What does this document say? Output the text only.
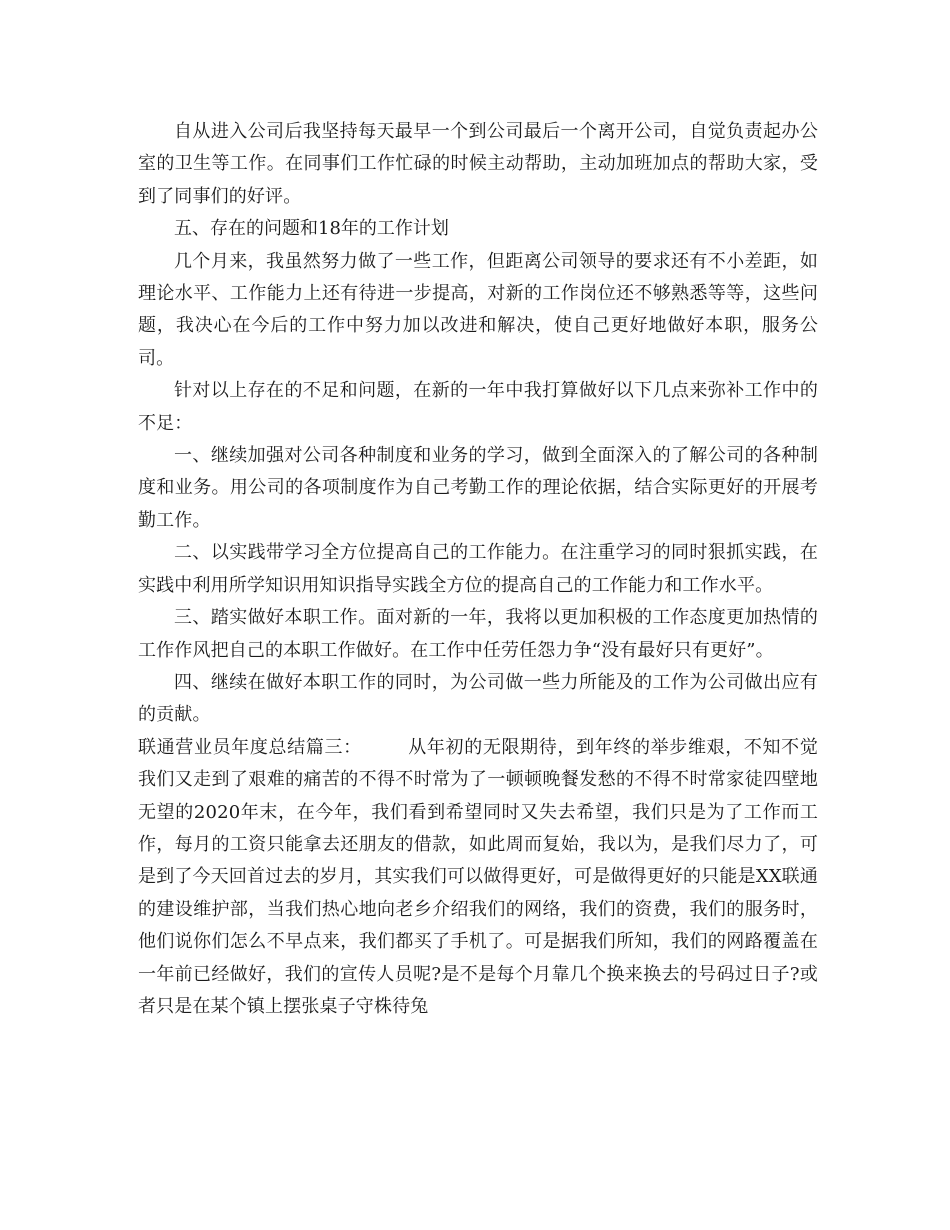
自从进入公司后我坚持每天最早一个到公司最后一个离开公司，自觉负责起办公室的卫生等工作。在同事们工作忙碌的时候主动帮助，主动加班加点的帮助大家，受到了同事们的好评。

五、存在的问题和18年的工作计划

几个月来，我虽然努力做了一些工作，但距离公司领导的要求还有不小差距，如理论水平、工作能力上还有待进一步提高，对新的工作岗位还不够熟悉等等，这些问题，我决心在今后的工作中努力加以改进和解决，使自己更好地做好本职，服务公司。

针对以上存在的不足和问题，在新的一年中我打算做好以下几点来弥补工作中的不足：

一、继续加强对公司各种制度和业务的学习，做到全面深入的了解公司的各种制度和业务。用公司的各项制度作为自己考勤工作的理论依据，结合实际更好的开展考勤工作。

二、以实践带学习全方位提高自己的工作能力。在注重学习的同时狠抓实践，在实践中利用所学知识用知识指导实践全方位的提高自己的工作能力和工作水平。

三、踏实做好本职工作。面对新的一年，我将以更加积极的工作态度更加热情的工作作风把自己的本职工作做好。在工作中任劳任怨力争“没有最好只有更好”。

四、继续在做好本职工作的同时，为公司做一些力所能及的工作为公司做出应有的贡献。

联通营业员年度总结篇三：	从年初的无限期待，到年终的举步维艰，不知不觉我们又走到了艰难的痛苦的不得不时常为了一顿顿晚餐发愁的不得不时常家徒四壁地无望的2020年末，在今年，我们看到希望同时又失去希望，我们只是为了工作而工作，每月的工资只能拿去还朋友的借款，如此周而复始，我以为，是我们尽力了，可是到了今天回首过去的岁月，其实我们可以做得更好，可是做得更好的只能是XX联通的建设维护部，当我们热心地向老乡介绍我们的网络，我们的资费，我们的服务时，他们说你们怎么不早点来，我们都买了手机了。可是据我们所知，我们的网路覆盖在一年前已经做好，我们的宣传人员呢?是不是每个月靠几个换来换去的号码过日子?或者只是在某个镇上摆张桌子守株待兔
